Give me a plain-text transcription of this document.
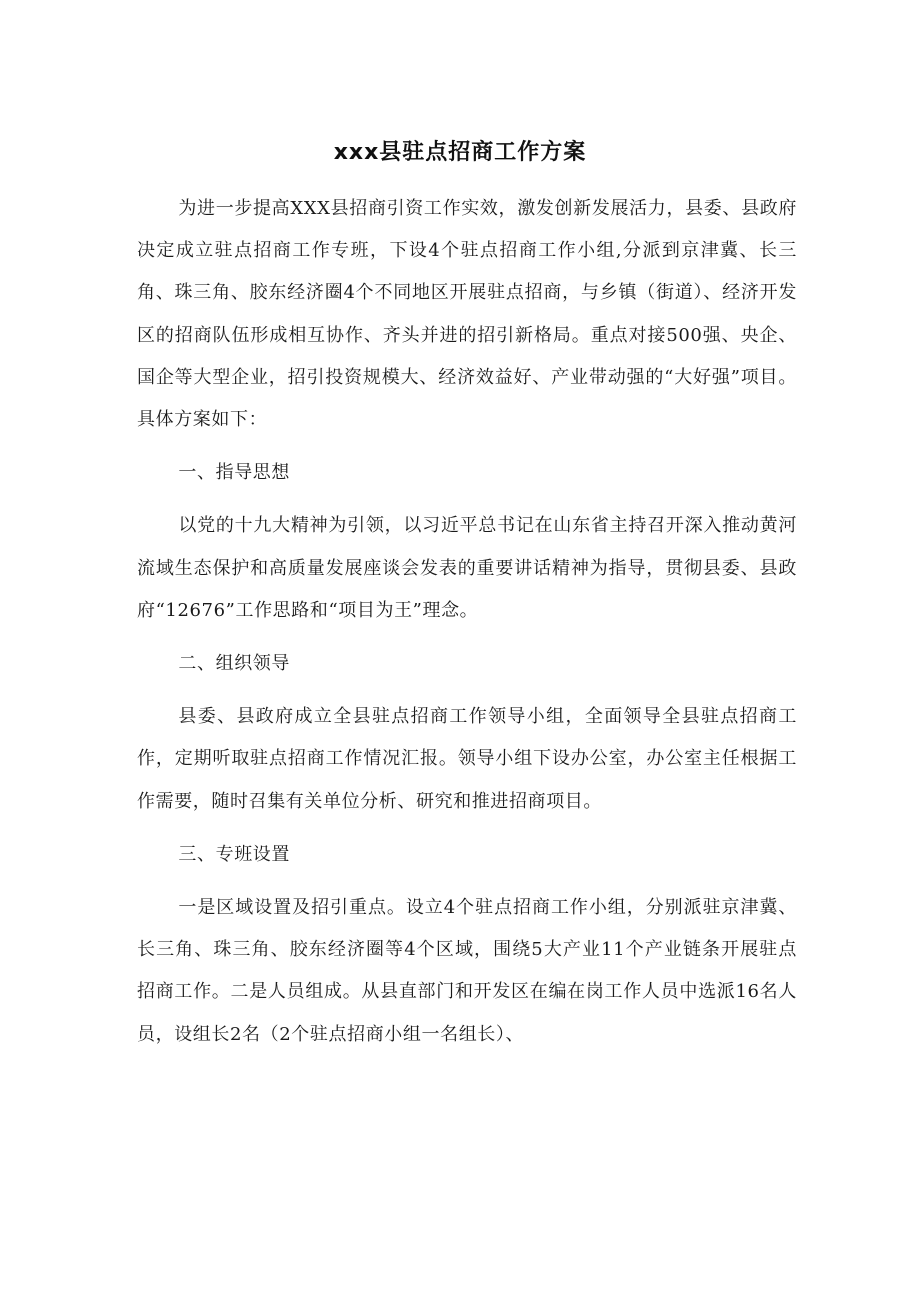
xxx县驻点招商工作方案

为进一步提高XXX县招商引资工作实效，激发创新发展活力，县委、县政府决定成立驻点招商工作专班，下设4个驻点招商工作小组,分派到京津冀、长三角、珠三角、胶东经济圈4个不同地区开展驻点招商，与乡镇（街道）、经济开发区的招商队伍形成相互协作、齐头并进的招引新格局。重点对接500强、央企、国企等大型企业，招引投资规模大、经济效益好、产业带动强的“大好强”项目。具体方案如下：

一、指导思想

以党的十九大精神为引领，以习近平总书记在山东省主持召开深入推动黄河流域生态保护和高质量发展座谈会发表的重要讲话精神为指导，贯彻县委、县政府“12676”工作思路和“项目为王”理念。

二、组织领导

县委、县政府成立全县驻点招商工作领导小组，全面领导全县驻点招商工作，定期听取驻点招商工作情况汇报。领导小组下设办公室，办公室主任根据工作需要，随时召集有关单位分析、研究和推进招商项目。

三、专班设置

一是区域设置及招引重点。设立4个驻点招商工作小组，分别派驻京津冀、长三角、珠三角、胶东经济圈等4个区域，围绕5大产业11个产业链条开展驻点招商工作。二是人员组成。从县直部门和开发区在编在岗工作人员中选派16名人员，设组长2名（2个驻点招商小组一名组长）、
